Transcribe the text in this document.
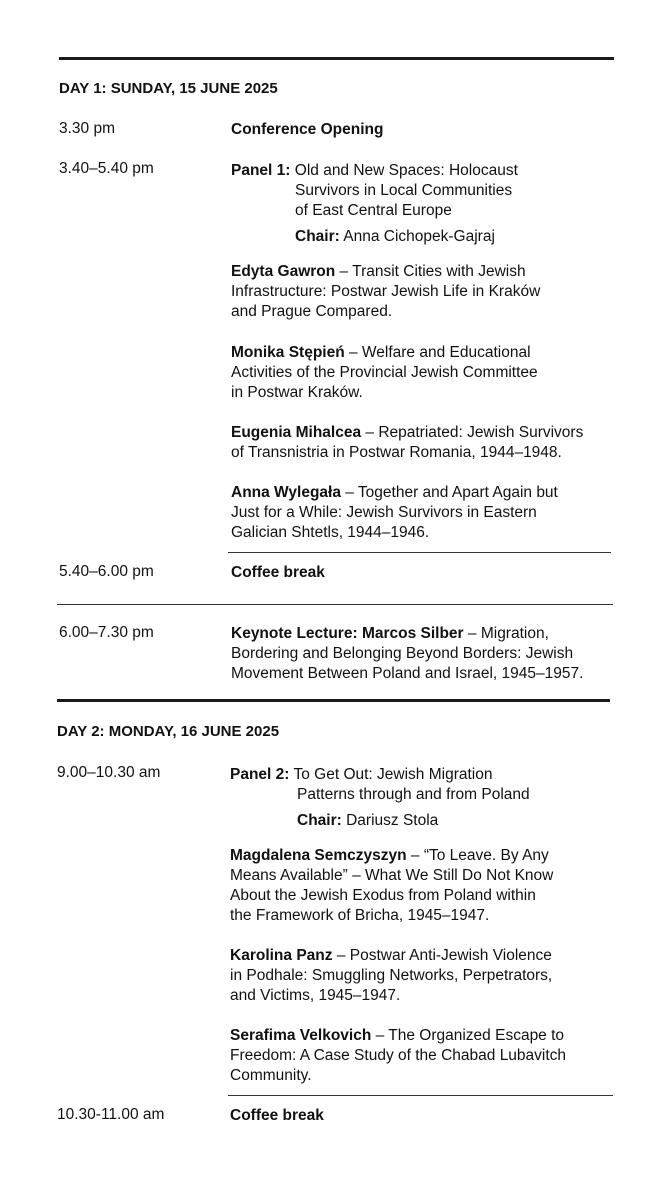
DAY 1: SUNDAY, 15 JUNE 2025
3.30 pm	Conference Opening
3.40–5.40 pm	Panel 1: Old and New Spaces: Holocaust
Survivors in Local Communities
of East Central Europe
Chair: Anna Cichopek-Gajraj
Edyta Gawron – Transit Cities with Jewish
Infrastructure: Postwar Jewish Life in Kraków
and Prague Compared.
Monika Stępień – Welfare and Educational
Activities of the Provincial Jewish Committee
in Postwar Kraków.
Eugenia Mihalcea – Repatriated: Jewish Survivors
of Transnistria in Postwar Romania, 1944–1948.
Anna Wylegała – Together and Apart Again but
Just for a While: Jewish Survivors in Eastern
Galician Shtetls, 1944–1946.
5.40–6.00 pm	Coffee break
6.00–7.30 pm	Keynote Lecture: Marcos Silber – Migration,
Bordering and Belonging Beyond Borders: Jewish
Movement Between Poland and Israel, 1945–1957.
DAY 2: MONDAY, 16 JUNE 2025
9.00–10.30 am	Panel 2: To Get Out: Jewish Migration
Patterns through and from Poland
Chair: Dariusz Stola
Magdalena Semczyszyn – “To Leave. By Any
Means Available” – What We Still Do Not Know
About the Jewish Exodus from Poland within
the Framework of Bricha, 1945–1947.
Karolina Panz – Postwar Anti-Jewish Violence
in Podhale: Smuggling Networks, Perpetrators,
and Victims, 1945–1947.
Serafima Velkovich – The Organized Escape to
Freedom: A Case Study of the Chabad Lubavitch
Community.
10.30-11.00 am	Coffee break
